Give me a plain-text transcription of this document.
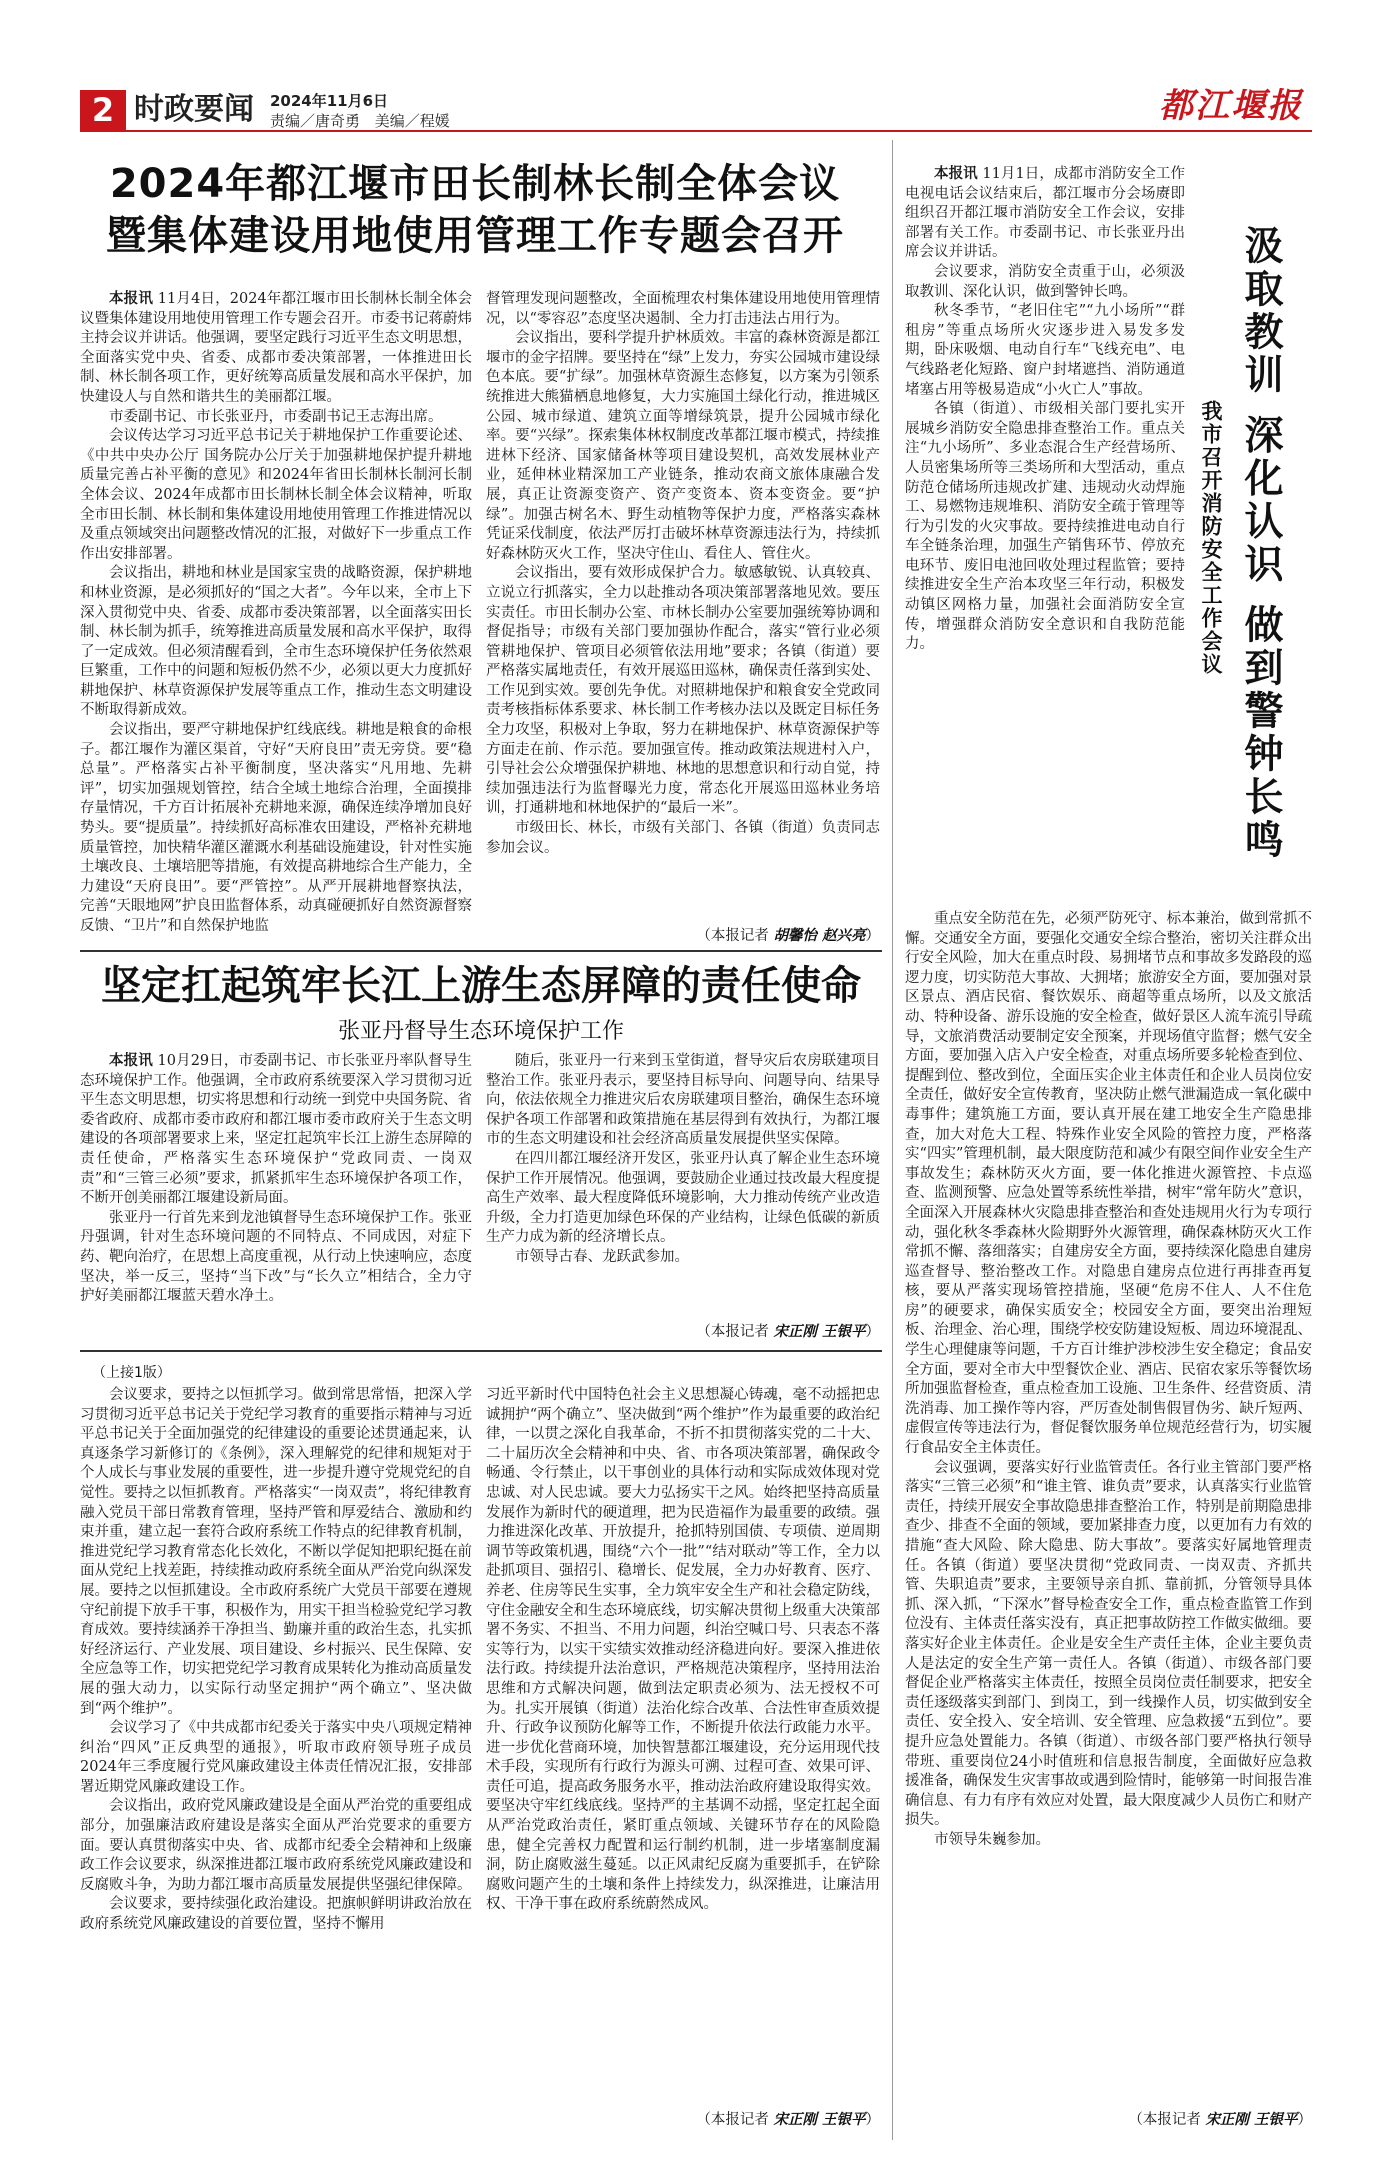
2 时政要闻 2024年11月6日
责编／唐奇勇 美编／程媛	都江堰报
2024年都江堰市田长制林长制全体会议
暨集体建设用地使用管理工作专题会召开

本报讯 11月4日，2024年都江堰市田长制林长制全体会议暨集体建设用地使用管理工作专题会召开。市委书记蒋蔚炜主持会议并讲话。他强调，要坚定践行习近平生态文明思想，全面落实党中央、省委、成都市委决策部署，一体推进田长制、林长制各项工作，更好统筹高质量发展和高水平保护，加快建设人与自然和谐共生的美丽都江堰。

市委副书记、市长张亚丹，市委副书记王志海出席。

会议传达学习习近平总书记关于耕地保护工作重要论述、《中共中央办公厅 国务院办公厅关于加强耕地保护提升耕地质量完善占补平衡的意见》和2024年省田长制林长制河长制全体会议、2024年成都市田长制林长制全体会议精神，听取全市田长制、林长制和集体建设用地使用管理工作推进情况以及重点领域突出问题整改情况的汇报，对做好下一步重点工作作出安排部署。

会议指出，耕地和林业是国家宝贵的战略资源，保护耕地和林业资源，是必须抓好的“国之大者”。今年以来，全市上下深入贯彻党中央、省委、成都市委决策部署，以全面落实田长制、林长制为抓手，统筹推进高质量发展和高水平保护，取得了一定成效。但必须清醒看到，全市生态环境保护任务依然艰巨繁重，工作中的问题和短板仍然不少，必须以更大力度抓好耕地保护、林草资源保护发展等重点工作，推动生态文明建设不断取得新成效。

会议指出，要严守耕地保护红线底线。耕地是粮食的命根子。都江堰作为灌区渠首，守好“天府良田”责无旁贷。要“稳总量”。严格落实占补平衡制度，坚决落实“凡用地、先耕评”，切实加强规划管控，结合全域土地综合治理，全面摸排存量情况，千方百计拓展补充耕地来源，确保连续净增加良好势头。要“提质量”。持续抓好高标准农田建设，严格补充耕地质量管控，加快精华灌区灌溉水利基础设施建设，针对性实施土壤改良、土壤培肥等措施，有效提高耕地综合生产能力，全力建设“天府良田”。要“严管控”。从严开展耕地督察执法，完善“天眼地网”护良田监督体系，动真碰硬抓好自然资源督察反馈、“卫片”和自然保护地监

督管理发现问题整改，全面梳理农村集体建设用地使用管理情况，以“零容忍”态度坚决遏制、全力打击违法占用行为。

会议指出，要科学提升护林质效。丰富的森林资源是都江堰市的金字招牌。要坚持在“绿”上发力，夯实公园城市建设绿色本底。要“扩绿”。加强林草资源生态修复，以方案为引领系统推进大熊猫栖息地修复，大力实施国土绿化行动，推进城区公园、城市绿道、建筑立面等增绿筑景，提升公园城市绿化率。要“兴绿”。探索集体林权制度改革都江堰市模式，持续推进林下经济、国家储备林等项目建设契机，高效发展林业产业，延伸林业精深加工产业链条，推动农商文旅体康融合发展，真正让资源变资产、资产变资本、资本变资金。要“护绿”。加强古树名木、野生动植物等保护力度，严格落实森林凭证采伐制度，依法严厉打击破坏林草资源违法行为，持续抓好森林防灭火工作，坚决守住山、看住人、管住火。

会议指出，要有效形成保护合力。敏感敏锐、认真较真、立说立行抓落实，全力以赴推动各项决策部署落地见效。要压实责任。市田长制办公室、市林长制办公室要加强统筹协调和督促指导；市级有关部门要加强协作配合，落实“管行业必须管耕地保护、管项目必须管依法用地”要求；各镇（街道）要严格落实属地责任，有效开展巡田巡林，确保责任落到实处、工作见到实效。要创先争优。对照耕地保护和粮食安全党政同责考核指标体系要求、林长制工作考核办法以及既定目标任务全力攻坚，积极对上争取，努力在耕地保护、林草资源保护等方面走在前、作示范。要加强宣传。推动政策法规进村入户，引导社会公众增强保护耕地、林地的思想意识和行动自觉，持续加强违法行为监督曝光力度，常态化开展巡田巡林业务培训，打通耕地和林地保护的“最后一米”。

市级田长、林长，市级有关部门、各镇（街道）负责同志参加会议。

（本报记者 胡馨怡 赵兴亮）
坚定扛起筑牢长江上游生态屏障的责任使命
张亚丹督导生态环境保护工作

本报讯 10月29日，市委副书记、市长张亚丹率队督导生态环境保护工作。他强调，全市政府系统要深入学习贯彻习近平生态文明思想，切实将思想和行动统一到党中央国务院、省委省政府、成都市委市政府和都江堰市委市政府关于生态文明建设的各项部署要求上来，坚定扛起筑牢长江上游生态屏障的责任使命，严格落实生态环境保护“党政同责、一岗双责”和“三管三必须”要求，抓紧抓牢生态环境保护各项工作，不断开创美丽都江堰建设新局面。

张亚丹一行首先来到龙池镇督导生态环境保护工作。张亚丹强调，针对生态环境问题的不同特点、不同成因，对症下药、靶向治疗，在思想上高度重视，从行动上快速响应，态度坚决，举一反三，坚持“当下改”与“长久立”相结合，全力守护好美丽都江堰蓝天碧水净土。

随后，张亚丹一行来到玉堂街道，督导灾后农房联建项目整治工作。张亚丹表示，要坚持目标导向、问题导向、结果导向，依法依规全力推进灾后农房联建项目整治，确保生态环境保护各项工作部署和政策措施在基层得到有效执行，为都江堰市的生态文明建设和社会经济高质量发展提供坚实保障。

在四川都江堰经济开发区，张亚丹认真了解企业生态环境保护工作开展情况。他强调，要鼓励企业通过技改最大程度提高生产效率、最大程度降低环境影响，大力推动传统产业改造升级，全力打造更加绿色环保的产业结构，让绿色低碳的新质生产力成为新的经济增长点。

市领导古春、龙跃武参加。

（本报记者 宋正刚 王银平）
（上接1版）

会议要求，要持之以恒抓学习。做到常思常悟，把深入学习贯彻习近平总书记关于党纪学习教育的重要指示精神与习近平总书记关于全面加强党的纪律建设的重要论述贯通起来，认真逐条学习新修订的《条例》，深入理解党的纪律和规矩对于个人成长与事业发展的重要性，进一步提升遵守党规党纪的自觉性。要持之以恒抓教育。严格落实“一岗双责”，将纪律教育融入党员干部日常教育管理，坚持严管和厚爱结合、激励和约束并重，建立起一套符合政府系统工作特点的纪律教育机制，推进党纪学习教育常态化长效化，不断以学促知把职纪挺在前面从党纪上找差距，持续推动政府系统全面从严治党向纵深发展。要持之以恒抓建设。全市政府系统广大党员干部要在遵规守纪前提下放手干事，积极作为，用实干担当检验党纪学习教育成效。要持续涵养干净担当、勤廉并重的政治生态，扎实抓好经济运行、产业发展、项目建设、乡村振兴、民生保障、安全应急等工作，切实把党纪学习教育成果转化为推动高质量发展的强大动力，以实际行动坚定拥护“两个确立”、坚决做到“两个维护”。

会议学习了《中共成都市纪委关于落实中央八项规定精神纠治“四风”正反典型的通报》，听取市政府领导班子成员2024年三季度履行党风廉政建设主体责任情况汇报，安排部署近期党风廉政建设工作。

会议指出，政府党风廉政建设是全面从严治党的重要组成部分，加强廉洁政府建设是落实全面从严治党要求的重要方面。要认真贯彻落实中央、省、成都市纪委全会精神和上级廉政工作会议要求，纵深推进都江堰市政府系统党风廉政建设和反腐败斗争，为助力都江堰市高质量发展提供坚强纪律保障。

会议要求，要持续强化政治建设。把旗帜鲜明讲政治放在政府系统党风廉政建设的首要位置，坚持不懈用

习近平新时代中国特色社会主义思想凝心铸魂，毫不动摇把忠诚拥护“两个确立”、坚决做到“两个维护”作为最重要的政治纪律，一以贯之深化自我革命，不折不扣贯彻落实党的二十大、二十届历次全会精神和中央、省、市各项决策部署，确保政令畅通、令行禁止，以干事创业的具体行动和实际成效体现对党忠诚、对人民忠诚。要大力弘扬实干之风。始终把坚持高质量发展作为新时代的硬道理，把为民造福作为最重要的政绩。强力推进深化改革、开放提升，抢抓特别国债、专项债、逆周期调节等政策机遇，围绕“六个一批”“结对联动”等工作，全力以赴抓项目、强招引、稳增长、促发展，全力办好教育、医疗、养老、住房等民生实事，全力筑牢安全生产和社会稳定防线，守住金融安全和生态环境底线，切实解决贯彻上级重大决策部署不务实、不担当、不用力问题，纠治空喊口号、只表态不落实等行为，以实干实绩实效推动经济稳进向好。要深入推进依法行政。持续提升法治意识，严格规范决策程序，坚持用法治思维和方式解决问题，做到法定职责必须为、法无授权不可为。扎实开展镇（街道）法治化综合改革、合法性审查质效提升、行政争议预防化解等工作，不断提升依法行政能力水平。进一步优化营商环境，加快智慧都江堰建设，充分运用现代技术手段，实现所有行政行为源头可溯、过程可查、效果可评、责任可追，提高政务服务水平，推动法治政府建设取得实效。要坚决守牢红线底线。坚持严的主基调不动摇，坚定扛起全面从严治党政治责任，紧盯重点领域、关键环节存在的风险隐患，健全完善权力配置和运行制约机制，进一步堵塞制度漏洞，防止腐败滋生蔓延。以正风肃纪反腐为重要抓手，在铲除腐败问题产生的土壤和条件上持续发力，纵深推进，让廉洁用权、干净干事在政府系统蔚然成风。

（本报记者 宋正刚 王银平）
汲取教训 深化认识 做到警钟长鸣
我市召开消防安全工作会议

本报讯 11月1日，成都市消防安全工作电视电话会议结束后，都江堰市分会场赓即组织召开都江堰市消防安全工作会议，安排部署有关工作。市委副书记、市长张亚丹出席会议并讲话。

会议要求，消防安全责重于山，必须汲取教训、深化认识，做到警钟长鸣。

秋冬季节，“老旧住宅”“九小场所”“群租房”等重点场所火灾逐步进入易发多发期，卧床吸烟、电动自行车“飞线充电”、电气线路老化短路、窗户封堵遮挡、消防通道堵塞占用等极易造成“小火亡人”事故。

各镇（街道）、市级相关部门要扎实开展城乡消防安全隐患排查整治工作。重点关注“九小场所”、多业态混合生产经营场所、人员密集场所等三类场所和大型活动，重点防范仓储场所违规改扩建、违规动火动焊施工、易燃物违规堆积、消防安全疏于管理等行为引发的火灾事故。要持续推进电动自行车全链条治理，加强生产销售环节、停放充电环节、废旧电池回收处理过程监管；要持续推进安全生产治本攻坚三年行动，积极发动镇区网格力量，加强社会面消防安全宣传，增强群众消防安全意识和自我防范能力。

重点安全防范在先，必须严防死守、标本兼治，做到常抓不懈。交通安全方面，要强化交通安全综合整治，密切关注群众出行安全风险，加大在重点时段、易拥堵节点和事故多发路段的巡逻力度，切实防范大事故、大拥堵；旅游安全方面，要加强对景区景点、酒店民宿、餐饮娱乐、商超等重点场所，以及文旅活动、特种设备、游乐设施的安全检查，做好景区人流车流引导疏导，文旅消费活动要制定安全预案，并现场值守监督；燃气安全方面，要加强入店入户安全检查，对重点场所要多轮检查到位、提醒到位、整改到位，全面压实企业主体责任和企业人员岗位安全责任，做好安全宣传教育，坚决防止燃气泄漏造成一氧化碳中毒事件；建筑施工方面，要认真开展在建工地安全生产隐患排查，加大对危大工程、特殊作业安全风险的管控力度，严格落实“四实”管理机制，最大限度防范和减少有限空间作业安全生产事故发生；森林防灭火方面，要一体化推进火源管控、卡点巡查、监测预警、应急处置等系统性举措，树牢“常年防火”意识，全面深入开展森林火灾隐患排查整治和查处违规用火行为专项行动，强化秋冬季森林火险期野外火源管理，确保森林防灭火工作常抓不懈、落细落实；自建房安全方面，要持续深化隐患自建房巡查督导、整治整改工作。对隐患自建房点位进行再排查再复核，要从严落实现场管控措施，坚硬“危房不住人、人不住危房”的硬要求，确保实质安全；校园安全方面，要突出治理短板、治理金、治心理，围绕学校安防建设短板、周边环境混乱、学生心理健康等问题，千方百计维护涉校涉生安全稳定；食品安全方面，要对全市大中型餐饮企业、酒店、民宿农家乐等餐饮场所加强监督检查，重点检查加工设施、卫生条件、经营资质、清洗消毒、加工操作等内容，严厉查处制售假冒伪劣、缺斤短两、虚假宣传等违法行为，督促餐饮服务单位规范经营行为，切实履行食品安全主体责任。

会议强调，要落实好行业监管责任。各行业主管部门要严格落实“三管三必须”和“谁主管、谁负责”要求，认真落实行业监管责任，持续开展安全事故隐患排查整治工作，特别是前期隐患排查少、排查不全面的领域，要加紧排查力度，以更加有力有效的措施“查大风险、除大隐患、防大事故”。要落实好属地管理责任。各镇（街道）要坚决贯彻“党政同责、一岗双责、齐抓共管、失职追责”要求，主要领导亲自抓、靠前抓，分管领导具体抓、深入抓，“下深水”督导检查安全工作，重点检查监管工作到位没有、主体责任落实没有，真正把事故防控工作做实做细。要落实好企业主体责任。企业是安全生产责任主体，企业主要负责人是法定的安全生产第一责任人。各镇（街道）、市级各部门要督促企业严格落实主体责任，按照全员岗位责任制要求，把安全责任逐级落实到部门、到岗工，到一线操作人员，切实做到安全责任、安全投入、安全培训、安全管理、应急救援“五到位”。要提升应急处置能力。各镇（街道）、市级各部门要严格执行领导带班、重要岗位24小时值班和信息报告制度，全面做好应急救援准备，确保发生灾害事故或遇到险情时，能够第一时间报告准确信息、有力有序有效应对处置，最大限度减少人员伤亡和财产损失。

市领导朱巍参加。

（本报记者 宋正刚 王银平）
